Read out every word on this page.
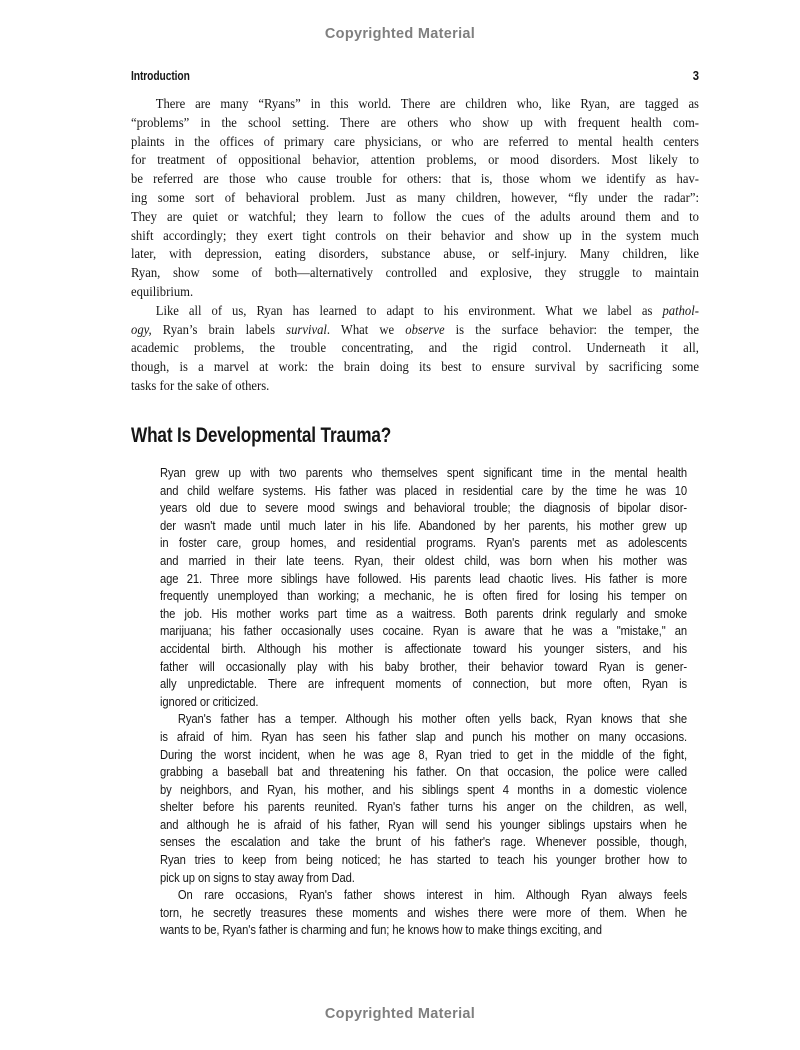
Copyrighted Material
Introduction	3
There are many “Ryans” in this world. There are children who, like Ryan, are tagged as
“problems” in the school setting. There are others who show up with frequent health com-
plaints in the offices of primary care physicians, or who are referred to mental health centers
for treatment of oppositional behavior, attention problems, or mood disorders. Most likely to
be referred are those who cause trouble for others: that is, those whom we identify as hav-
ing some sort of behavioral problem. Just as many children, however, “fly under the radar”:
They are quiet or watchful; they learn to follow the cues of the adults around them and to
shift accordingly; they exert tight controls on their behavior and show up in the system much
later, with depression, eating disorders, substance abuse, or self-injury. Many children, like
Ryan, show some of both—alternatively controlled and explosive, they struggle to maintain
equilibrium.
Like all of us, Ryan has learned to adapt to his environment. What we label as pathol-
ogy, Ryan’s brain labels survival. What we observe is the surface behavior: the temper, the
academic problems, the trouble concentrating, and the rigid control. Underneath it all,
though, is a marvel at work: the brain doing its best to ensure survival by sacrificing some
tasks for the sake of others.
What Is Developmental Trauma?
Ryan grew up with two parents who themselves spent significant time in the mental health
and child welfare systems. His father was placed in residential care by the time he was 10
years old due to severe mood swings and behavioral trouble; the diagnosis of bipolar disor-
der wasn't made until much later in his life. Abandoned by her parents, his mother grew up
in foster care, group homes, and residential programs. Ryan's parents met as adolescents
and married in their late teens. Ryan, their oldest child, was born when his mother was
age 21. Three more siblings have followed. His parents lead chaotic lives. His father is more
frequently unemployed than working; a mechanic, he is often fired for losing his temper on
the job. His mother works part time as a waitress. Both parents drink regularly and smoke
marijuana; his father occasionally uses cocaine. Ryan is aware that he was a "mistake," an
accidental birth. Although his mother is affectionate toward his younger sisters, and his
father will occasionally play with his baby brother, their behavior toward Ryan is gener-
ally unpredictable. There are infrequent moments of connection, but more often, Ryan is
ignored or criticized.
Ryan's father has a temper. Although his mother often yells back, Ryan knows that she
is afraid of him. Ryan has seen his father slap and punch his mother on many occasions.
During the worst incident, when he was age 8, Ryan tried to get in the middle of the fight,
grabbing a baseball bat and threatening his father. On that occasion, the police were called
by neighbors, and Ryan, his mother, and his siblings spent 4 months in a domestic violence
shelter before his parents reunited. Ryan's father turns his anger on the children, as well,
and although he is afraid of his father, Ryan will send his younger siblings upstairs when he
senses the escalation and take the brunt of his father's rage. Whenever possible, though,
Ryan tries to keep from being noticed; he has started to teach his younger brother how to
pick up on signs to stay away from Dad.
On rare occasions, Ryan's father shows interest in him. Although Ryan always feels
torn, he secretly treasures these moments and wishes there were more of them. When he
wants to be, Ryan's father is charming and fun; he knows how to make things exciting, and
Copyrighted Material
